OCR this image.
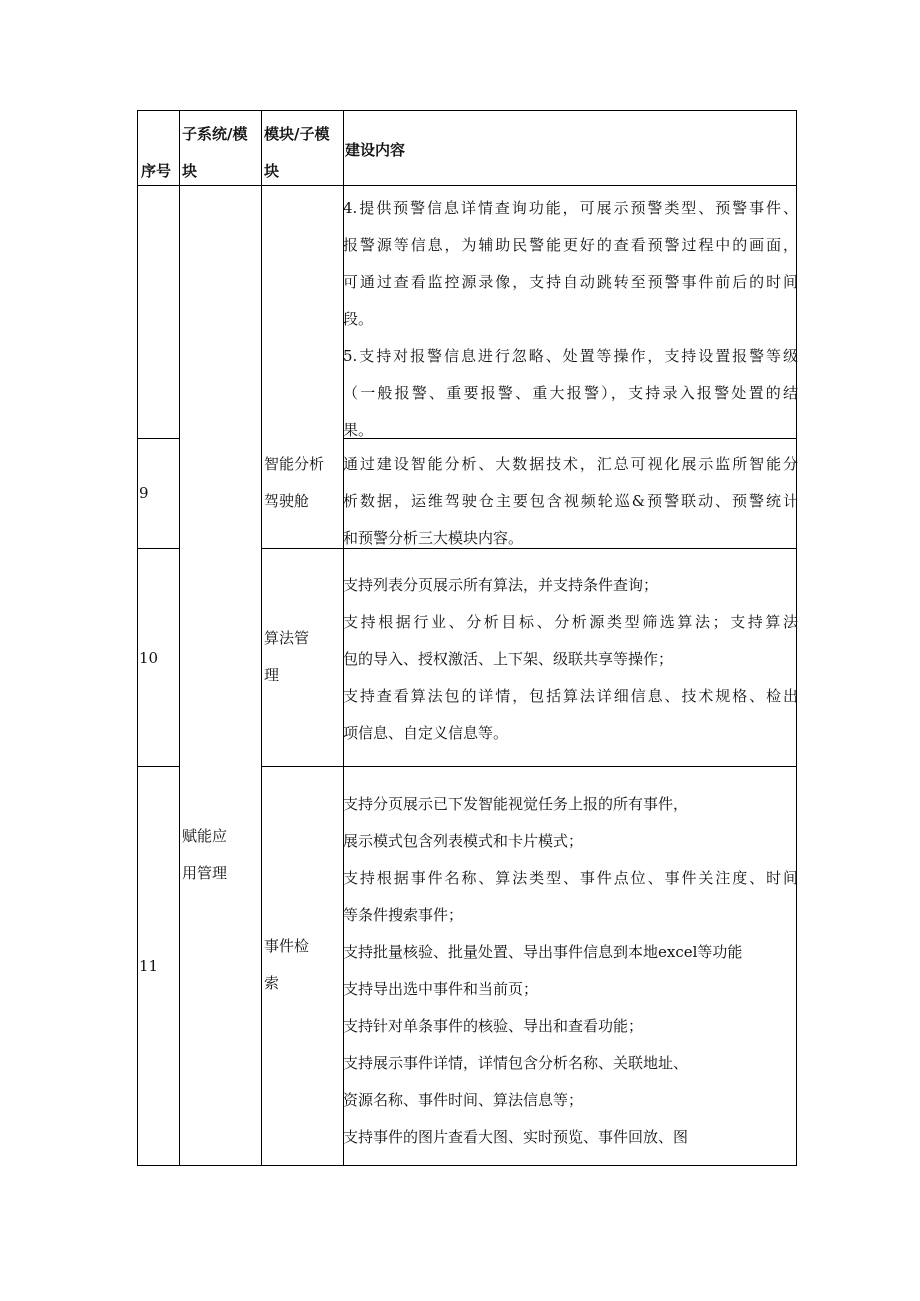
序号
子系统/模
块
模块/子模
块
建设内容
4.提供预警信息详情查询功能，可展示预警类型、预警事件、
报警源等信息，为辅助民警能更好的查看预警过程中的画面，
可通过查看监控源录像，支持自动跳转至预警事件前后的时间
段。
5.支持对报警信息进行忽略、处置等操作，支持设置报警等级
（一般报警、重要报警、重大报警），支持录入报警处置的结
果。
9
智能分析
驾驶舱
通过建设智能分析、大数据技术，汇总可视化展示监所智能分
析数据，运维驾驶仓主要包含视频轮巡&预警联动、预警统计
和预警分析三大模块内容。
10
算法管
理
支持列表分页展示所有算法，并支持条件查询；
支持根据行业、分析目标、分析源类型筛选算法；支持算法
包的导入、授权激活、上下架、级联共享等操作；
支持查看算法包的详情，包括算法详细信息、技术规格、检出
项信息、自定义信息等。
赋能应
用管理
11
事件检
索
支持分页展示已下发智能视觉任务上报的所有事件，
展示模式包含列表模式和卡片模式；
支持根据事件名称、算法类型、事件点位、事件关注度、时间
等条件搜索事件；
支持批量核验、批量处置、导出事件信息到本地excel等功能
支持导出选中事件和当前页；
支持针对单条事件的核验、导出和查看功能；
支持展示事件详情，详情包含分析名称、关联地址、
资源名称、事件时间、算法信息等；
支持事件的图片查看大图、实时预览、事件回放、图
